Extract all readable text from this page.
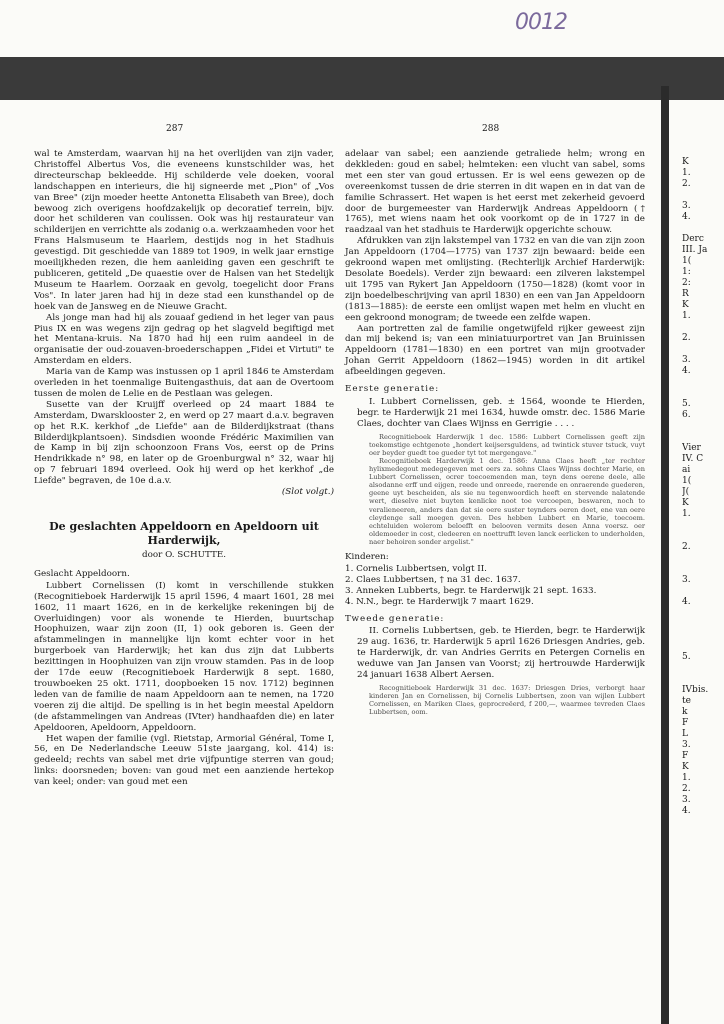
0012
287	288

wal te Amsterdam, waarvan hij na het overlijden van zijn vader, Christoffel Albertus Vos, die eveneens kunstschilder was, het directeurschap bekleedde. Hij schilderde vele doeken, vooral landschappen en interieurs, die hij signeerde met „Pion" of „Vos van Bree" (zijn moeder heette Antonetta Elisabeth van Bree), doch bewoog zich overigens hoofdzakelijk op decoratief terrein, bijv. door het schilderen van coulissen. Ook was hij restaurateur van schilderijen en verrichtte als zodanig o.a. werkzaamheden voor het Frans Halsmuseum te Haarlem, destijds nog in het Stadhuis gevestigd. Dit geschiedde van 1889 tot 1909, in welk jaar ernstige moeilijkheden rezen, die hem aanleiding gaven een geschrift te publiceren, getiteld „De quaestie over de Halsen van het Stedelijk Museum te Haarlem. Oorzaak en gevolg, toegelicht door Frans Vos". In later jaren had hij in deze stad een kunsthandel op de hoek van de Jansweg en de Nieuwe Gracht.

Als jonge man had hij als zouaaf gediend in het leger van paus Pius IX en was wegens zijn gedrag op het slagveld begiftigd met het Mentana-kruis. Na 1870 had hij een ruim aandeel in de organisatie der oud-zouaven-broederschappen „Fidei et Virtuti" te Amsterdam en elders.

Maria van de Kamp was instussen op 1 april 1846 te Amsterdam overleden in het toenmalige Buitengasthuis, dat aan de Overtoom tussen de molen de Lelie en de Pestlaan was gelegen.

Susette van der Kruijff overleed op 24 maart 1884 te Amsterdam, Dwarsklooster 2, en werd op 27 maart d.a.v. begraven op het R.K. kerkhof „de Liefde" aan de Bilderdijkstraat (thans Bilderdijkplantsoen). Sindsdien woonde Frédéric Maximilien van de Kamp in bij zijn schoonzoon Frans Vos, eerst op de Prins Hendrikkade n° 98, en later op de Groenburgwal n° 32, waar hij op 7 februari 1894 overleed. Ook hij werd op het kerkhof „de Liefde" begraven, de 10e d.a.v.

(Slot volgt.)
De geslachten Appeldoorn en Apeldoorn uit Harderwijk,
door O. SCHUTTE.
Geslacht Appeldoorn.

Lubbert Cornelissen (I) komt in verschillende stukken (Recognitieboek Harderwijk 15 april 1596, 4 maart 1601, 28 mei 1602, 11 maart 1626, en in de kerkelijke rekeningen bij de Overluidingen) voor als wonende te Hierden, buurtschap Hoophuizen, waar zijn zoon (II, 1) ook geboren is. Geen der afstammelingen in mannelijke lijn komt echter voor in het burgerboek van Harderwijk; het kan dus zijn dat Lubberts bezittingen in Hoophuizen van zijn vrouw stamden. Pas in de loop der 17de eeuw (Recognitieboek Harderwijk 8 sept. 1680, trouwboeken 25 okt. 1711, doopboeken 15 nov. 1712) beginnen leden van de familie de naam Appeldoorn aan te nemen, na 1720 voeren zij die altijd. De spelling is in het begin meestal Apeldorn (de afstammelingen van Andreas (IVter) handhaafden die) en later Apeldooren, Apeldoorn, Appeldoorn.

Het wapen der familie (vgl. Rietstap, Armorial Général, Tome I, 56, en De Nederlandsche Leeuw 51ste jaargang, kol. 414) is: gedeeld; rechts van sabel met drie vijfpuntige sterren van goud; links: doorsneden; boven: van goud met een aanziende hertekop van keel; onder: van goud met een

adelaar van sabel; een aanziende getraliede helm; wrong en dekkleden: goud en sabel; helmteken: een vlucht van sabel, soms met een ster van goud ertussen. Er is wel eens gewezen op de overeenkomst tussen de drie sterren in dit wapen en in dat van de familie Schrassert. Het wapen is het eerst met zekerheid gevoerd door de burgemeester van Harderwijk Andreas Appeldoorn († 1765), met wiens naam het ook voorkomt op de in 1727 in de raadzaal van het stadhuis te Harderwijk opgerichte schouw.

Afdrukken van zijn lakstempel van 1732 en van die van zijn zoon Jan Appeldoorn (1704—1775) van 1737 zijn bewaard: beide een gekroond wapen met omlijsting. (Rechterlijk Archief Harderwijk: Desolate Boedels). Verder zijn bewaard: een zilveren lakstempel uit 1795 van Rykert Jan Appeldoorn (1750—1828) (komt voor in zijn boedelbeschrijving van april 1830) en een van Jan Appeldoorn (1813—1885): de eerste een omlijst wapen met helm en vlucht en een gekroond monogram; de tweede een zelfde wapen.

Aan portretten zal de familie ongetwijfeld rijker geweest zijn dan mij bekend is; van een miniatuurportret van Jan Bruinissen Appeldoorn (1781—1830) en een portret van mijn grootvader Johan Gerrit Appeldoorn (1862—1945) worden in dit artikel afbeeldingen gegeven.

Eerste generatie:

I. Lubbert Cornelissen, geb. ± 1564, woonde te Hierden, begr. te Harderwijk 21 mei 1634, huwde omstr. dec. 1586 Marie Claes, dochter van Claes Wijnss en Gerrigie . . . .

Recognitieboek Harderwijk 1 dec. 1586: Lubbert Cornelissen geeft zijn toekomstige echtgenote „hondert keijsersguldens, ad twintick stuver tstuck, vuyt oer beyder guedt toe gueder tyt tot mergengave."

Recognitieboek Harderwijk 1 dec. 1586: Anna Claes heeft „ter rechter hylixmedegout medegegeven met oers za. sohns Claes Wijnss dochter Marie, en Lubbert Cornelissen, ocrer toecoemenden man, teyn dens oerene deele, alle alsodanne erff und eijgen, reede und onreede, raerende en onraerende guederen, geene uyt bescheiden, als sie nu tegenwoordich heeft en stervende nalatende wert, dieselve niet buyten kenlicke noot toe vercoepen, beswaren, noch to veralieneeren, anders dan dat sie oere suster teynders oeren doet, ene van oere cleydenge sall moegen geven. Des hebben Lubbert en Marie, toecoem. echteluiden wolerom beloefft en belooven vermits desen Anna voersz. oer oldemoeder in cost, cledeeren en noettrufft leven lanck eerlicken to underholden, naer behoiren sonder argelist."

Kinderen:
1. Cornelis Lubbertsen, volgt II.
2. Claes Lubbertsen, † na 31 dec. 1637.
3. Anneken Lubberts, begr. te Harderwijk 21 sept. 1633.
4. N.N., begr. te Harderwijk 7 maart 1629.
Tweede generatie:

II. Cornelis Lubbertsen, geb. te Hierden, begr. te Harderwijk 29 aug. 1636, tr. Harderwijk 5 april 1626 Driesgen Andries, geb. te Harderwijk, dr. van Andries Gerrits en Petergen Cornelis en weduwe van Jan Jansen van Voorst; zij hertrouwde Harderwijk 24 januari 1638 Albert Aersen.

Recognitieboek Harderwijk 31 dec. 1637: Driesgen Dries, verborgt haar kinderen Jan en Cornelissen, bij Cornelis Lubbertsen, zoon van wijlen Lubbert Cornelissen, en Mariken Claes, geprocreëerd, f 200,—, waarmee tevreden Claes Lubbertsen, oom.

K
1.
2.
3.
4.
Derc
III. Ja
1(
1:
2:
R
K
1.
2.
3.
4.
5.
6.
Vier
IV. C
ai
1(
J(
K
1.
2.
3.
4.
5.
IVbis.
te
k
F
L
3.
F
K
1.
2.
3.
4.
